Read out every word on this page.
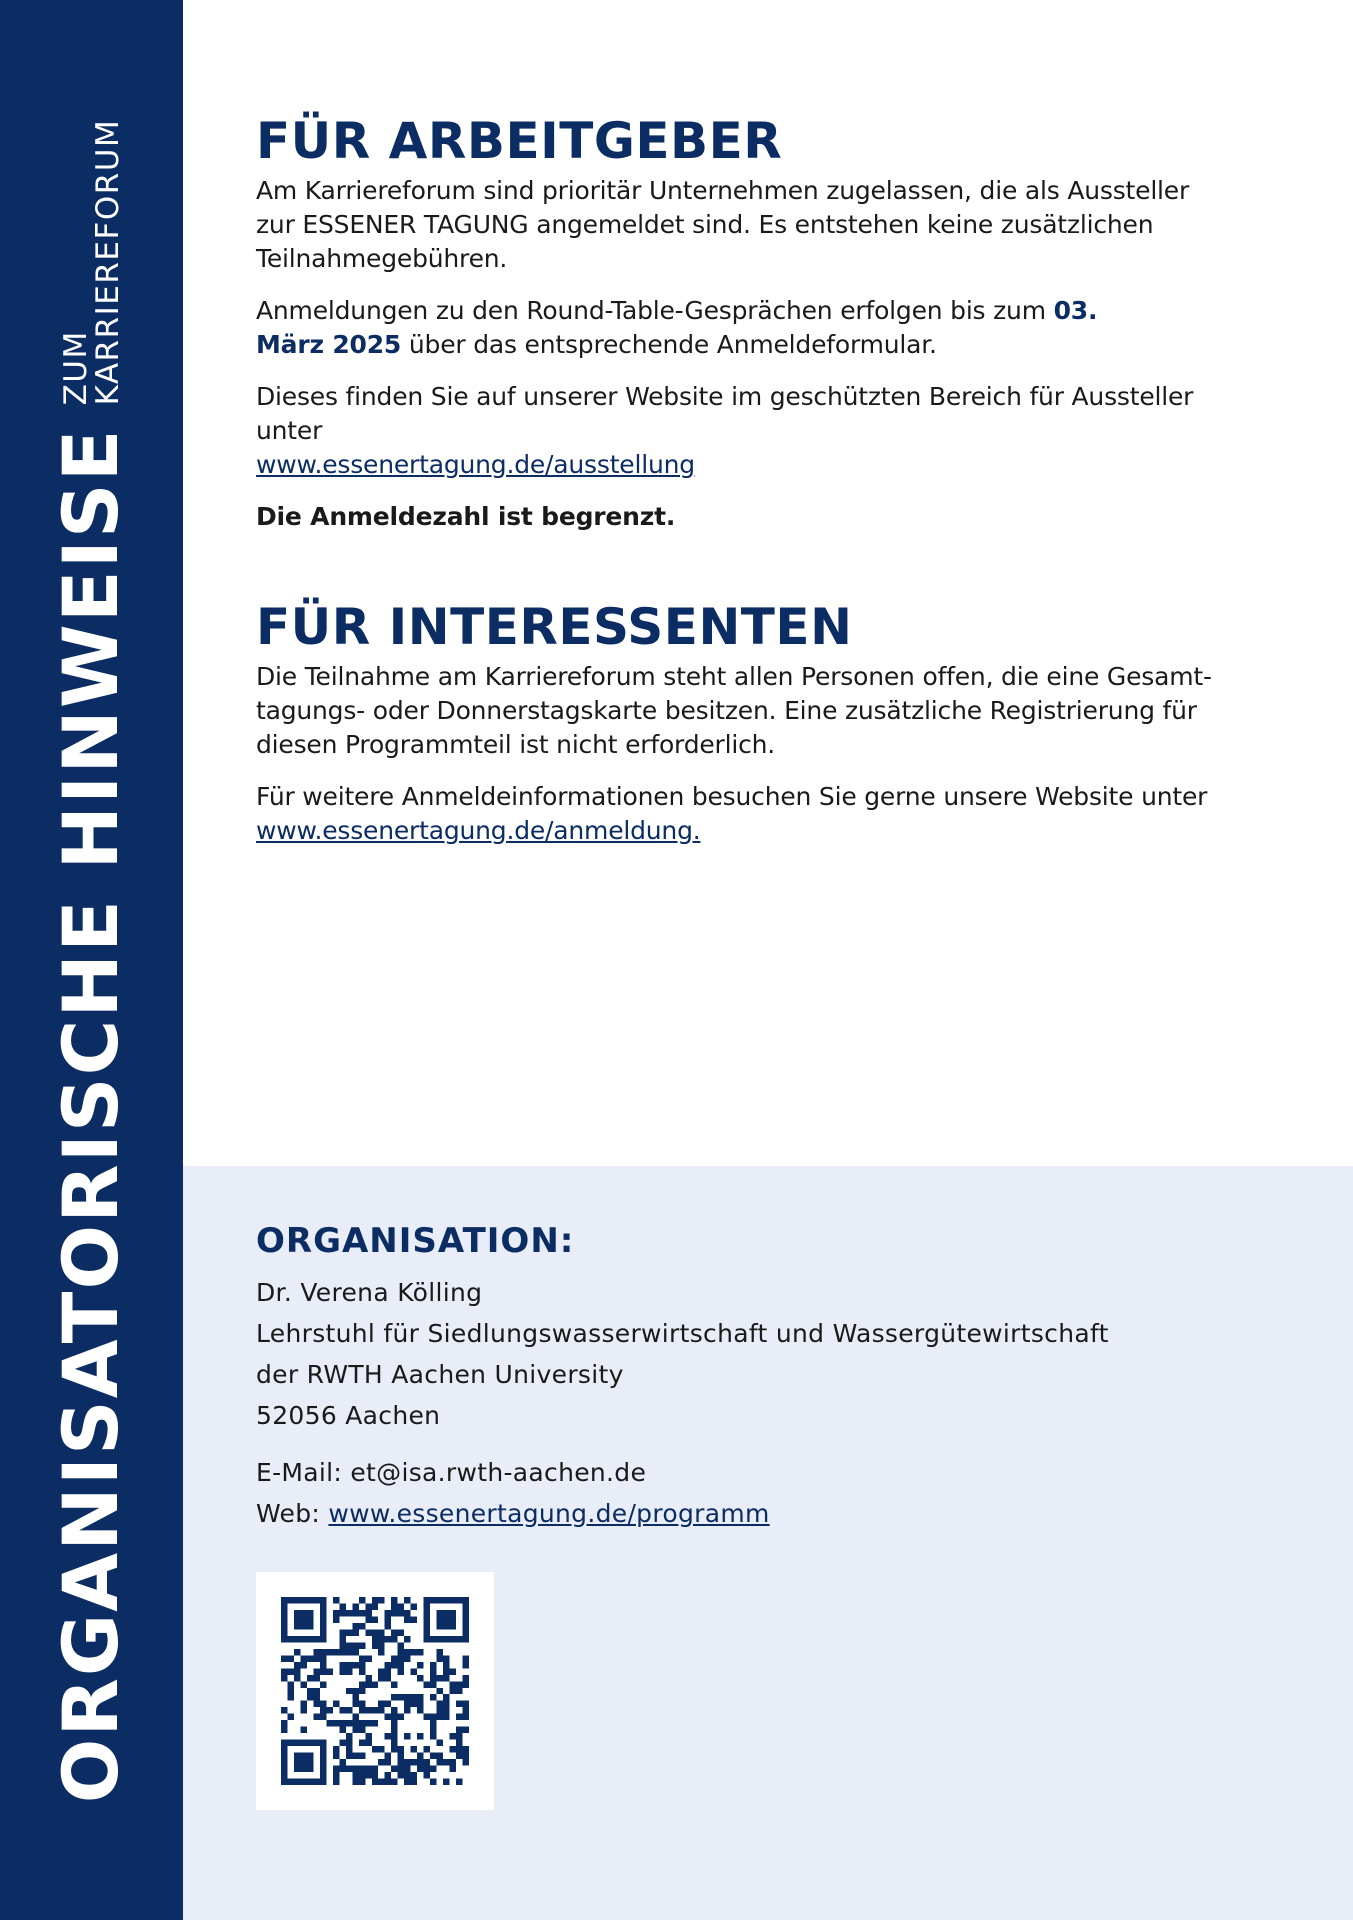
ORGANISATORISCHE HINWEISE
ZUM
KARRIEREFORUM	FÜR ARBEITGEBER

Am Karriereforum sind prioritär Unternehmen zugelassen, die als Aussteller zur ESSENER TAGUNG angemeldet sind. Es entstehen keine zusätzlichen Teilnahmegebühren.

Anmeldungen zu den Round-Table-Gesprächen erfolgen bis zum 03. März 2025 über das entsprechende Anmeldeformular.

Dieses finden Sie auf unserer Website im geschützten Bereich für Aussteller unter
www.essenertagung.de/ausstellung

Die Anmeldezahl ist begrenzt.

FÜR INTERESSENTEN

Die Teilnahme am Karriereforum steht allen Personen offen, die eine Gesamttagungs- oder Donnerstagskarte besitzen. Eine zusätzliche Registrierung für diesen Programmteil ist nicht erforderlich.

Für weitere Anmeldeinformationen besuchen Sie gerne unsere Website unter
www.essenertagung.de/anmeldung.

ORGANISATION:

Dr. Verena Kölling

Lehrstuhl für Siedlungswasserwirtschaft und Wassergütewirtschaft

der RWTH Aachen University

52056 Aachen

E-Mail: et@isa.rwth-aachen.de

Web: www.essenertagung.de/programm
